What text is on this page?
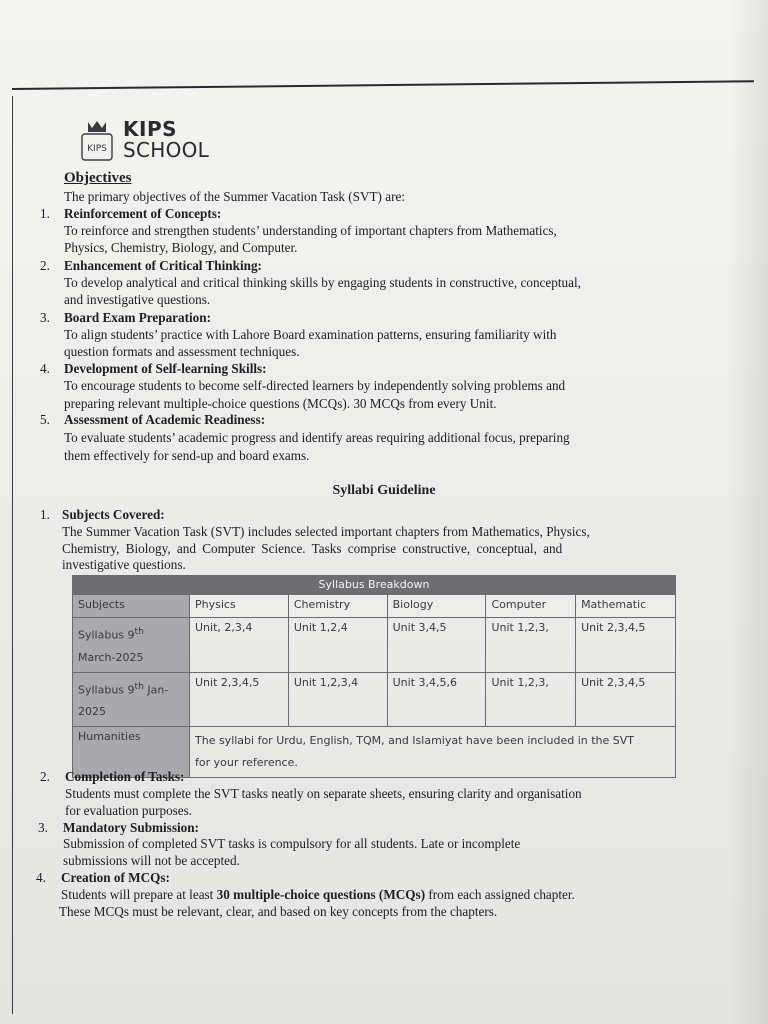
KIPS
KIPS
SCHOOL
Objectives
The primary objectives of the Summer Vacation Task (SVT) are:
1. Reinforcement of Concepts:
To reinforce and strengthen students’ understanding of important chapters from Mathematics,
Physics, Chemistry, Biology, and Computer.
2. Enhancement of Critical Thinking:
To develop analytical and critical thinking skills by engaging students in constructive, conceptual,
and investigative questions.
3. Board Exam Preparation:
To align students’ practice with Lahore Board examination patterns, ensuring familiarity with
question formats and assessment techniques.
4. Development of Self-learning Skills:
To encourage students to become self-directed learners by independently solving problems and
preparing relevant multiple-choice questions (MCQs). 30 MCQs from every Unit.
5. Assessment of Academic Readiness:
To evaluate students’ academic progress and identify areas requiring additional focus, preparing
them effectively for send-up and board exams.
Syllabi Guideline
1. Subjects Covered:
The Summer Vacation Task (SVT) includes selected important chapters from Mathematics, Physics,
Chemistry, Biology, and Computer Science. Tasks comprise constructive, conceptual, and
investigative questions.
Syllabus Breakdown					
Subjects	Physics	Chemistry	Biology	Computer	Mathematic

Syllabus 9th
March-2025	Unit, 2,3,4	Unit 1,2,4	Unit 3,4,5	Unit 1,2,3,	Unit 2,3,4,5

Syllabus 9th Jan-
2025	Unit 2,3,4,5	Unit 1,2,3,4	Unit 3,4,5,6	Unit 1,2,3,	Unit 2,3,4,5
Humanities	The syllabi for Urdu, English, TQM, and Islamiyat have been included in the SVT
for your reference.				
2. Completion of Tasks:
Students must complete the SVT tasks neatly on separate sheets, ensuring clarity and organisation
for evaluation purposes.
3. Mandatory Submission:
Submission of completed SVT tasks is compulsory for all students. Late or incomplete
submissions will not be accepted.
4. Creation of MCQs:
Students will prepare at least 30 multiple-choice questions (MCQs) from each assigned chapter.
These MCQs must be relevant, clear, and based on key concepts from the chapters.
